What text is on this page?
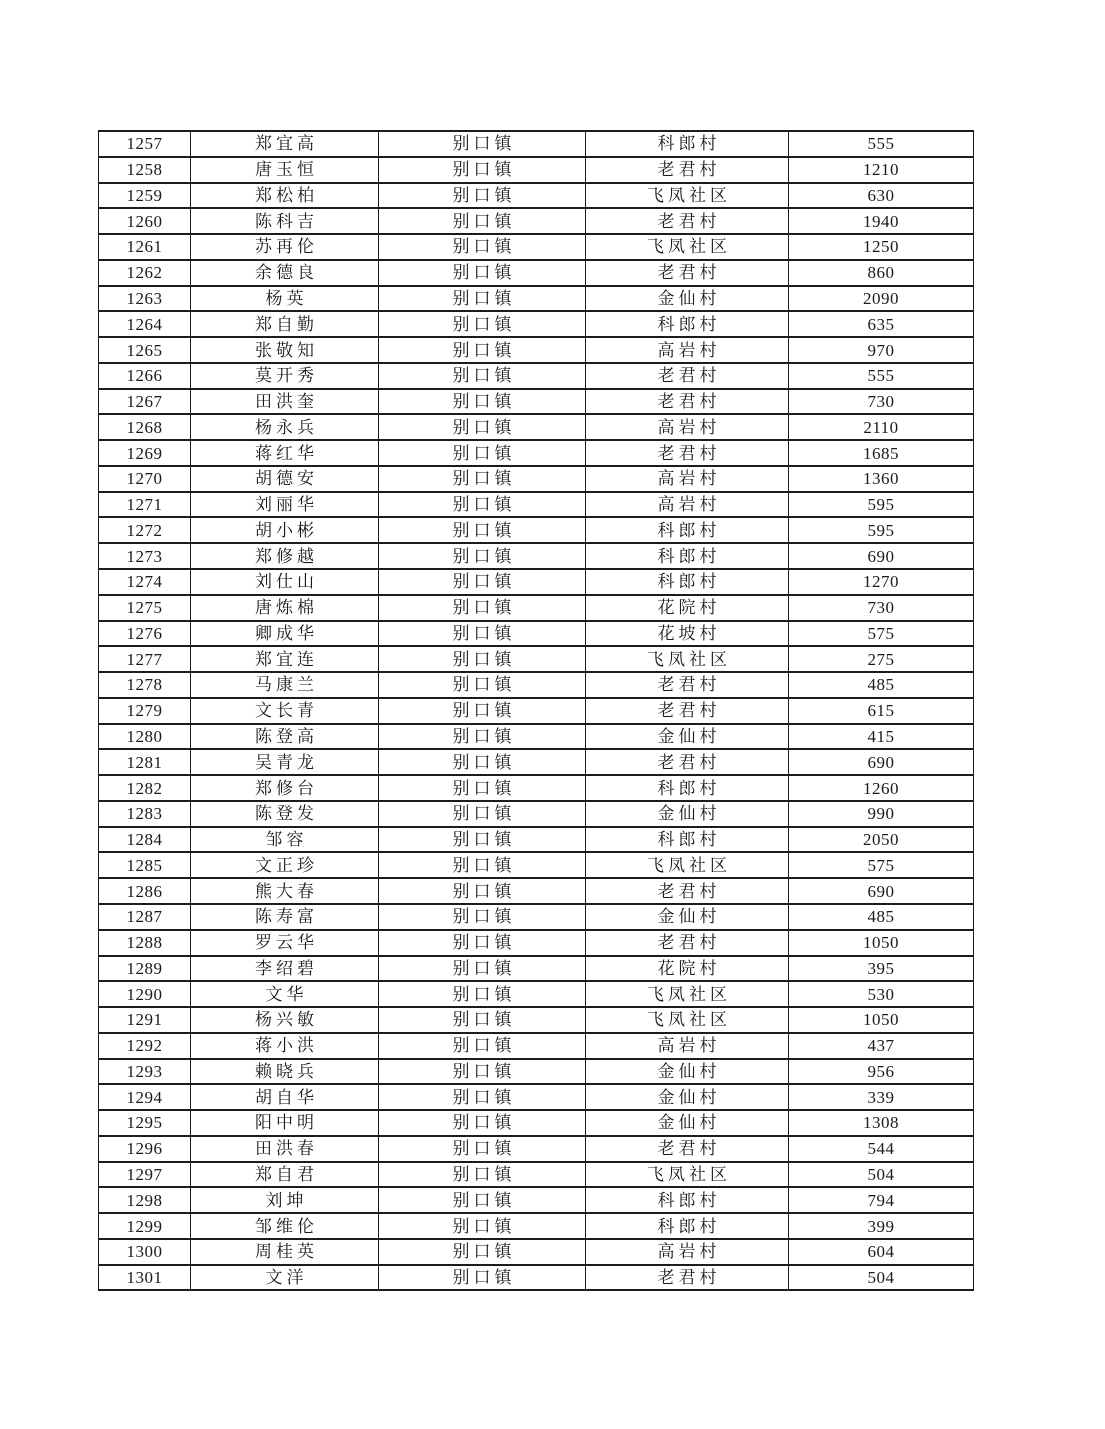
1257	郑宜高	别口镇	科郎村	555
1258	唐玉恒	别口镇	老君村	1210
1259	郑松柏	别口镇	飞凤社区	630
1260	陈科吉	别口镇	老君村	1940
1261	苏再伦	别口镇	飞凤社区	1250
1262	余德良	别口镇	老君村	860
1263	杨英	别口镇	金仙村	2090
1264	郑自勤	别口镇	科郎村	635
1265	张敬知	别口镇	高岩村	970
1266	莫开秀	别口镇	老君村	555
1267	田洪奎	别口镇	老君村	730
1268	杨永兵	别口镇	高岩村	2110
1269	蒋红华	别口镇	老君村	1685
1270	胡德安	别口镇	高岩村	1360
1271	刘丽华	别口镇	高岩村	595
1272	胡小彬	别口镇	科郎村	595
1273	郑修越	别口镇	科郎村	690
1274	刘仕山	别口镇	科郎村	1270
1275	唐炼棉	别口镇	花院村	730
1276	卿成华	别口镇	花坡村	575
1277	郑宜连	别口镇	飞凤社区	275
1278	马康兰	别口镇	老君村	485
1279	文长青	别口镇	老君村	615
1280	陈登高	别口镇	金仙村	415
1281	吴青龙	别口镇	老君村	690
1282	郑修台	别口镇	科郎村	1260
1283	陈登发	别口镇	金仙村	990
1284	邹容	别口镇	科郎村	2050
1285	文正珍	别口镇	飞凤社区	575
1286	熊大春	别口镇	老君村	690
1287	陈寿富	别口镇	金仙村	485
1288	罗云华	别口镇	老君村	1050
1289	李绍碧	别口镇	花院村	395
1290	文华	别口镇	飞凤社区	530
1291	杨兴敏	别口镇	飞凤社区	1050
1292	蒋小洪	别口镇	高岩村	437
1293	赖晓兵	别口镇	金仙村	956
1294	胡自华	别口镇	金仙村	339
1295	阳中明	别口镇	金仙村	1308
1296	田洪春	别口镇	老君村	544
1297	郑自君	别口镇	飞凤社区	504
1298	刘坤	别口镇	科郎村	794
1299	邹维伦	别口镇	科郎村	399
1300	周桂英	别口镇	高岩村	604
1301	文洋	别口镇	老君村	504
